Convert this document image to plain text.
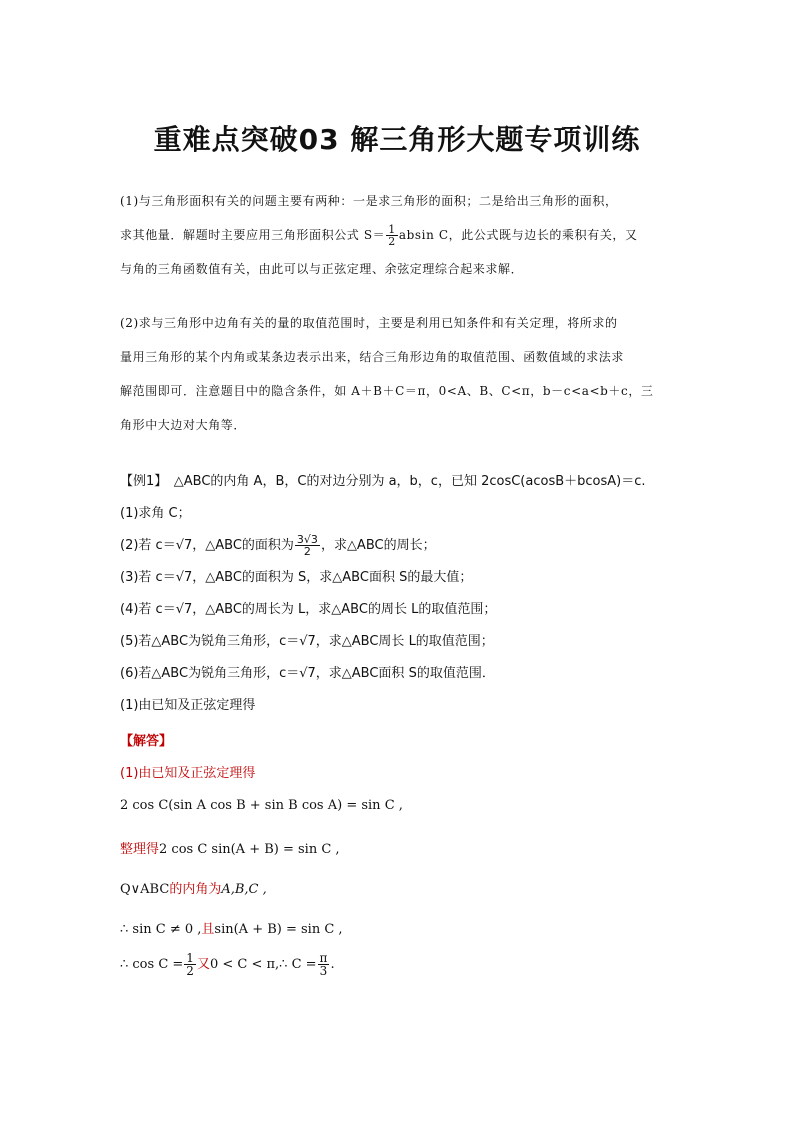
重难点突破03 解三角形大题专项训练
(1)与三角形面积有关的问题主要有两种：一是求三角形的面积；二是给出三角形的面积，
求其他量．解题时主要应用三角形面积公式 $S= \frac{1}{2}$ absin C，此公式既与边长的乘积有关，又
与角的三角函数值有关，由此可以与正弦定理、余弦定理综合起来求解．
(2)求与三角形中边角有关的量的取值范围时，主要是利用已知条件和有关定理，将所求的
量用三角形的某个内角或某条边表示出来，结合三角形边角的取值范围、函数值域的求法求
解范围即可．注意题目中的隐含条件，如 A＋B＋C＝π，0<A、B、C<π，b－c<a<b＋c，三
角形中大边对大角等．
【例1】　△ABC的内角 A，B，C的对边分别为 a，b，c，已知 2cosC(acosB＋bcosA)＝c.
(1)求角 C；
(2)若 c＝√7，△ABC的面积为 $\frac{3√3}{2}$ ，求△ABC的周长；
(3)若 c＝√7，△ABC的面积为 S，求△ABC面积 S的最大值；
(4)若 c＝√7，△ABC的周长为 L，求△ABC的周长 L的取值范围；
(5)若△ABC为锐角三角形，c＝√7，求△ABC周长 L的取值范围；
(6)若△ABC为锐角三角形，c＝√7，求△ABC面积 S的取值范围．
(1)由已知及正弦定理得
【解答】
(1)由已知及正弦定理得
2 cos C(sin A cos B + sin B cos A) = sin C ,
整理得2 cos C sin(A + B) = sin C ,
Q∨ABC的内角为A,B,C ,
∴ sin C ≠ 0 ,且sin(A + B) = sin C ,
∴ $\cos C = \frac{1}{2}$ 又0 < C < π,∴ $C = \frac{\pi}{3}$ .
